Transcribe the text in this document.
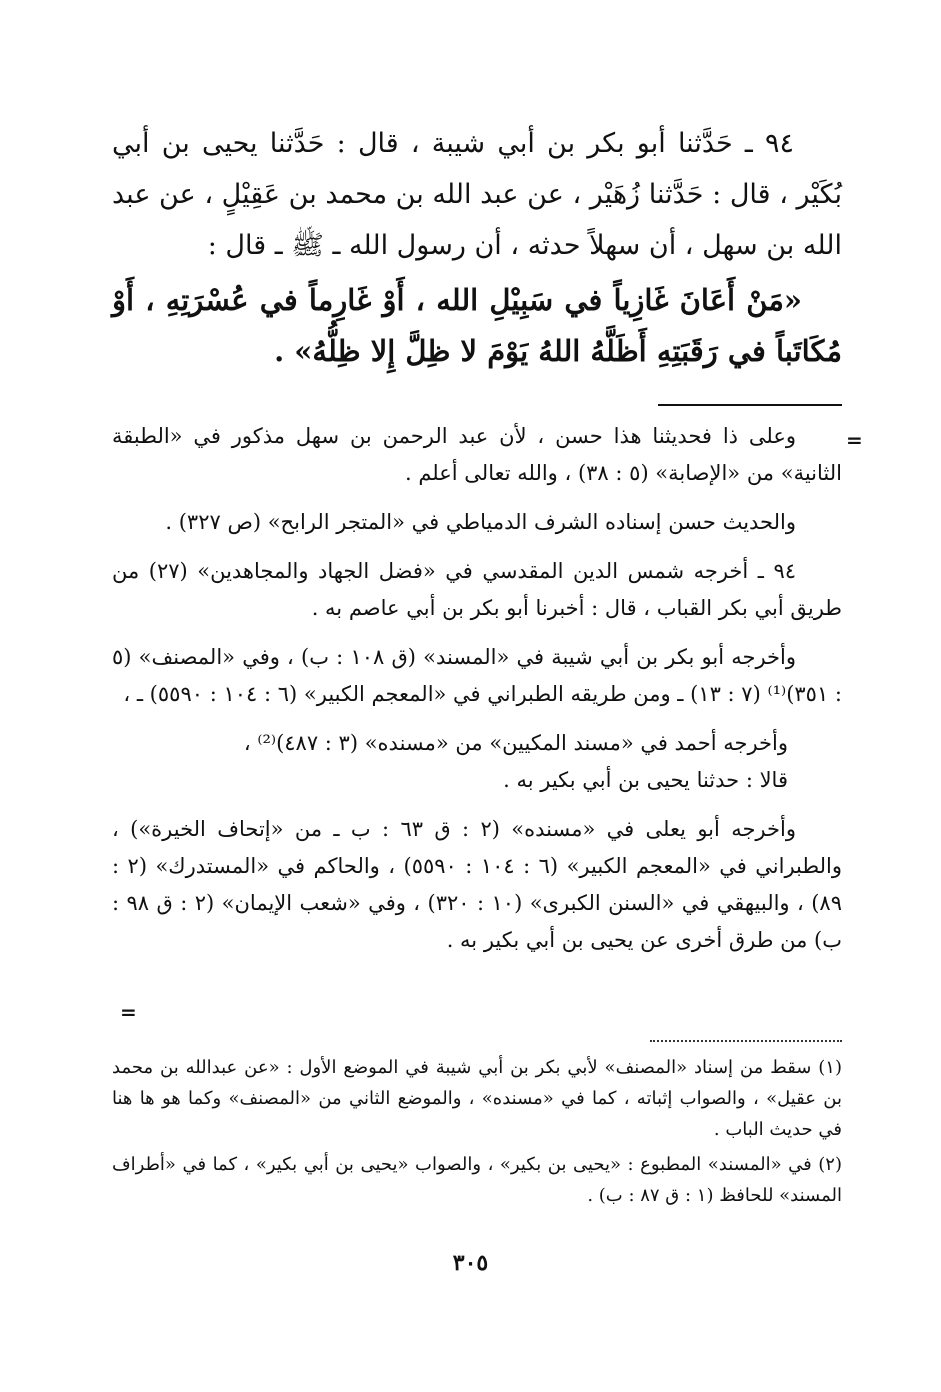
٩٤ ـ حَدَّثنا أبو بكر بن أبي شيبة ، قال : حَدَّثنا يحيى بن أبي بُكَيْر ، قال : حَدَّثنا زُهَيْر ، عن عبد الله بن محمد بن عَقِيْلٍ ، عن عبد الله بن سهل ، أن سهلاً حدثه ، أن رسول الله ـ ﷺ ـ قال :

«مَنْ أَعَانَ غَازِياً في سَبِيْلِ الله ، أَوْ غَارِماً في عُسْرَتِهِ ، أَوْ مُكَاتَباً في رَقَبَتِهِ أَظَلَّهُ اللهُ يَوْمَ لا ظِلَّ إِلا ظِلُّهُ» .

=

وعلى ذا فحديثنا هذا حسن ، لأن عبد الرحمن بن سهل مذكور في «الطبقة الثانية» من «الإصابة» (٥ : ٣٨) ، والله تعالى أعلم .

والحديث حسن إسناده الشرف الدمياطي في «المتجر الرابح» (ص ٣٢٧) .

٩٤ ـ أخرجه شمس الدين المقدسي في «فضل الجهاد والمجاهدين» (٢٧) من طريق أبي بكر القباب ، قال : أخبرنا أبو بكر بن أبي عاصم به .

وأخرجه أبو بكر بن أبي شيبة في «المسند» (ق ١٠٨ : ب) ، وفي «المصنف» (٥ : ٣٥١)⁽¹⁾ (٧ : ١٣) ـ ومن طريقه الطبراني في «المعجم الكبير» (٦ : ١٠٤ : ٥٥٩٠) ـ ،

وأخرجه أحمد في «مسند المكيين» من «مسنده» (٣ : ٤٨٧)⁽²⁾ ،

قالا : حدثنا يحيى بن أبي بكير به .

وأخرجه أبو يعلى في «مسنده» (٢ : ق ٦٣ : ب ـ من «إتحاف الخيرة») ، والطبراني في «المعجم الكبير» (٦ : ١٠٤ : ٥٥٩٠) ، والحاكم في «المستدرك» (٢ : ٨٩) ، والبيهقي في «السنن الكبرى» (١٠ : ٣٢٠) ، وفي «شعب الإيمان» (٢ : ق ٩٨ : ب) من طرق أخرى عن يحيى بن أبي بكير به .

=

(١) سقط من إسناد «المصنف» لأبي بكر بن أبي شيبة في الموضع الأول : «عن عبدالله بن محمد بن عقيل» ، والصواب إثباته ، كما في «مسنده» ، والموضع الثاني من «المصنف» وكما هو ها هنا في حديث الباب .

(٢) في «المسند» المطبوع : «يحيى بن بكير» ، والصواب «يحيى بن أبي بكير» ، كما في «أطراف المسند» للحافظ (١ : ق ٨٧ : ب) .

٣٠٥
